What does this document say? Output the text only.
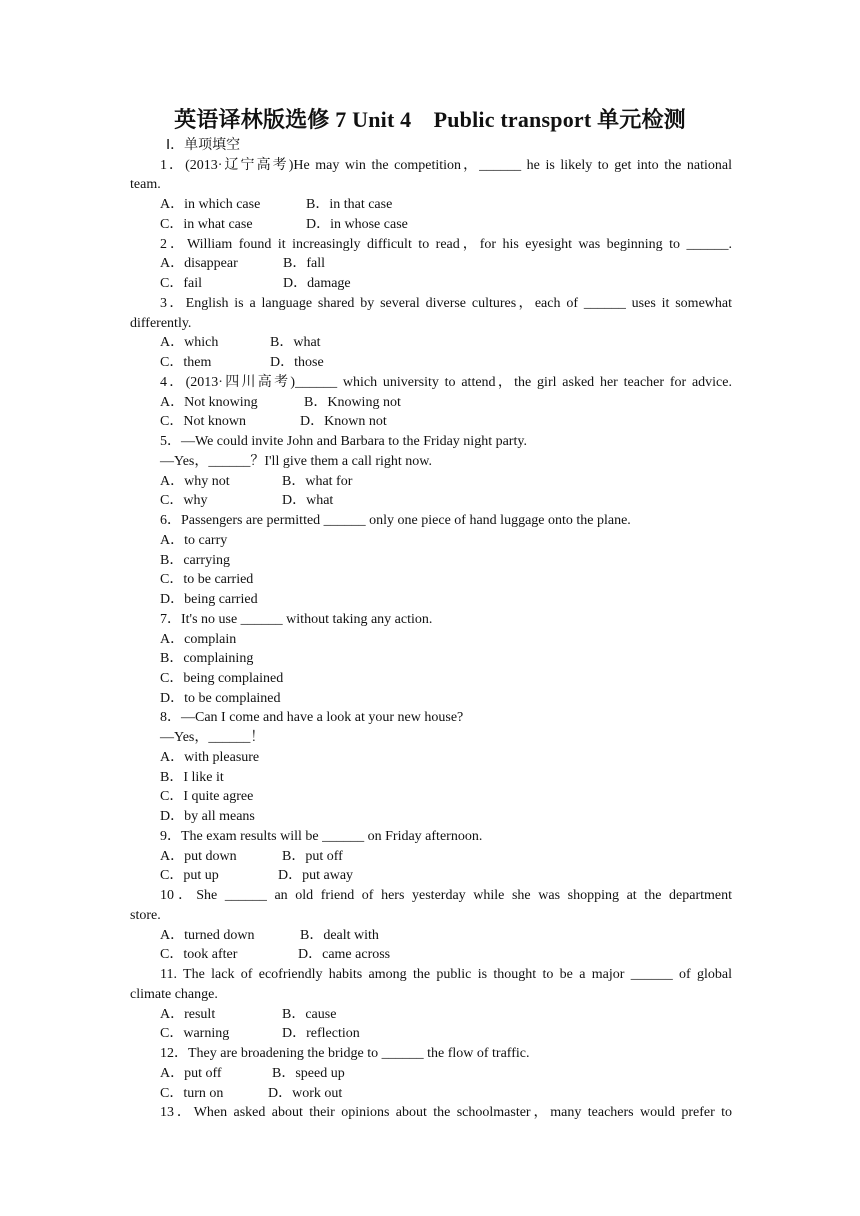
英语译林版选修 7 Unit 4　Public transport 单元检测
Ⅰ．单项填空
1．(2013·辽宁高考)He may win the competition，______ he is likely to get into the national
team.
A．in which case	B．in that case
C．in what case	D．in whose case
2．William found it increasingly difficult to read，for his eyesight was beginning to ______.
A．disappear	B．fall
C．fail	D．damage
3．English is a language shared by several diverse cultures，each of ______ uses it somewhat
differently.
A．which	B．what
C．them	D．those
4．(2013·四川高考)______ which university to attend，the girl asked her teacher for advice.
A．Not knowing	B．Knowing not
C．Not known	D．Known not
5．—We could invite John and Barbara to the Friday night party.
—Yes，______？I'll give them a call right now.
A．why not	B．what for
C．why	D．what
6．Passengers are permitted ______ only one piece of hand luggage onto the plane.
A．to carry
B．carrying
C．to be carried
D．being carried
7．It's no use ______ without taking any action.
A．complain
B．complaining
C．being complained
D．to be complained
8．—Can I come and have a look at your new house?
—Yes，______！
A．with pleasure
B．I like it
C．I quite agree
D．by all means
9．The exam results will be ______ on Friday afternoon.
A．put down	B．put off
C．put up	D．put away
10．She ______ an old friend of hers yesterday while she was shopping at the department
store.
A．turned down	B．dealt with
C．took after	D．came across
11. The lack of ecofriendly habits among the public is thought to be a major ______ of global
climate change.
A．result	B．cause
C．warning	D．reflection
12．They are broadening the bridge to ______ the flow of traffic.
A．put off	B．speed up
C．turn on	D．work out
13．When asked about their opinions about the schoolmaster，many teachers would prefer to
